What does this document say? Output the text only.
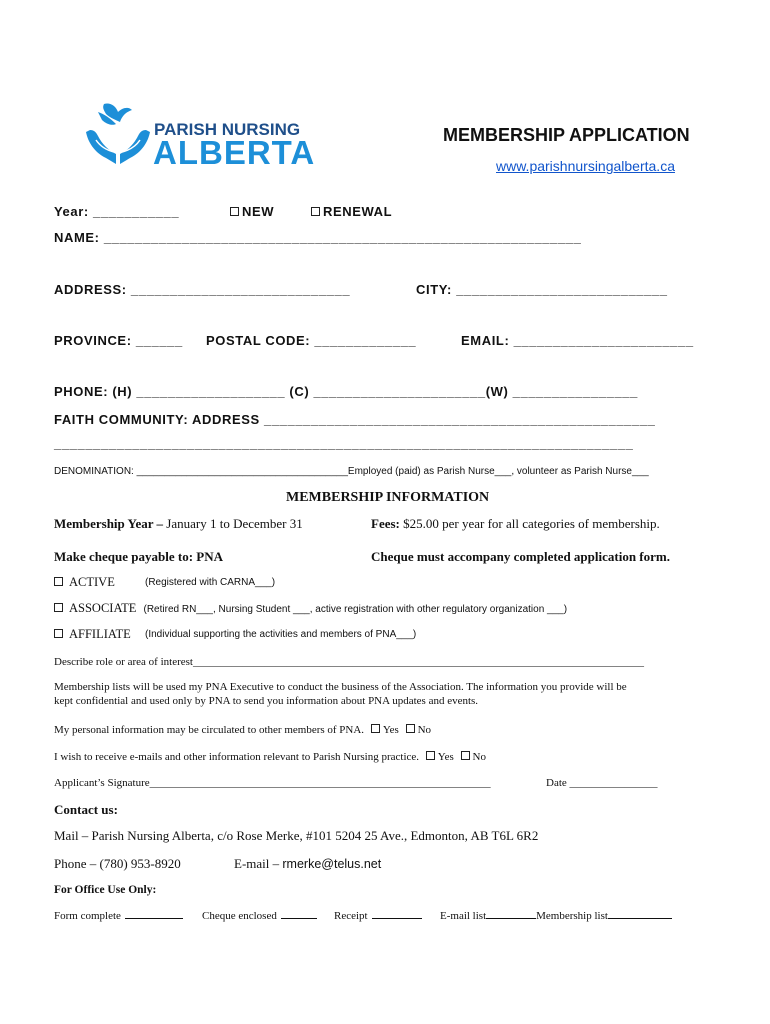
PARISH NURSING
ALBERTA	MEMBERSHIP APPLICATION
www.parishnursingalberta.ca
Year: ___________	NEW	RENEWAL
NAME: _____________________________________________________________
ADDRESS: ____________________________	CITY: ___________________________
PROVINCE: ______ POSTAL CODE: _____________	EMAIL: _______________________
PHONE: (H) ___________________ (C) ______________________(W) ________________
FAITH COMMUNITY: ADDRESS __________________________________________________
__________________________________________________________________________
DENOMINATION: ______________________________________Employed (paid) as Parish Nurse___, volunteer as Parish Nurse___
MEMBERSHIP INFORMATION
Membership Year – January 1 to December 31	Fees: $25.00 per year for all categories of membership.
Make cheque payable to: PNA	Cheque must accompany completed application form.
ACTIVE	(Registered with CARNA___)
ASSOCIATE (Retired RN___, Nursing Student ___, active registration with other regulatory organization ___)
AFFILIATE (Individual supporting the activities and members of PNA___)
Describe role or area of interest__________________________________________________________________________________
Membership lists will be used my PNA Executive to conduct the business of the Association. The information you provide will be
kept confidential and used only by PNA to send you information about PNA updates and events.
My personal information may be circulated to other members of PNA. Yes No
I wish to receive e-mails and other information relevant to Parish Nursing practice. Yes No
Applicant’s Signature______________________________________________________________	Date ________________
Contact us:
Mail – Parish Nursing Alberta, c/o Rose Merke, #101 5204 25 Ave., Edmonton, AB T6L 6R2
Phone – (780) 953-8920	E-mail – rmerke@telus.net
For Office Use Only:
Form complete	Cheque enclosed	Receipt	E-mail list	Membership list
